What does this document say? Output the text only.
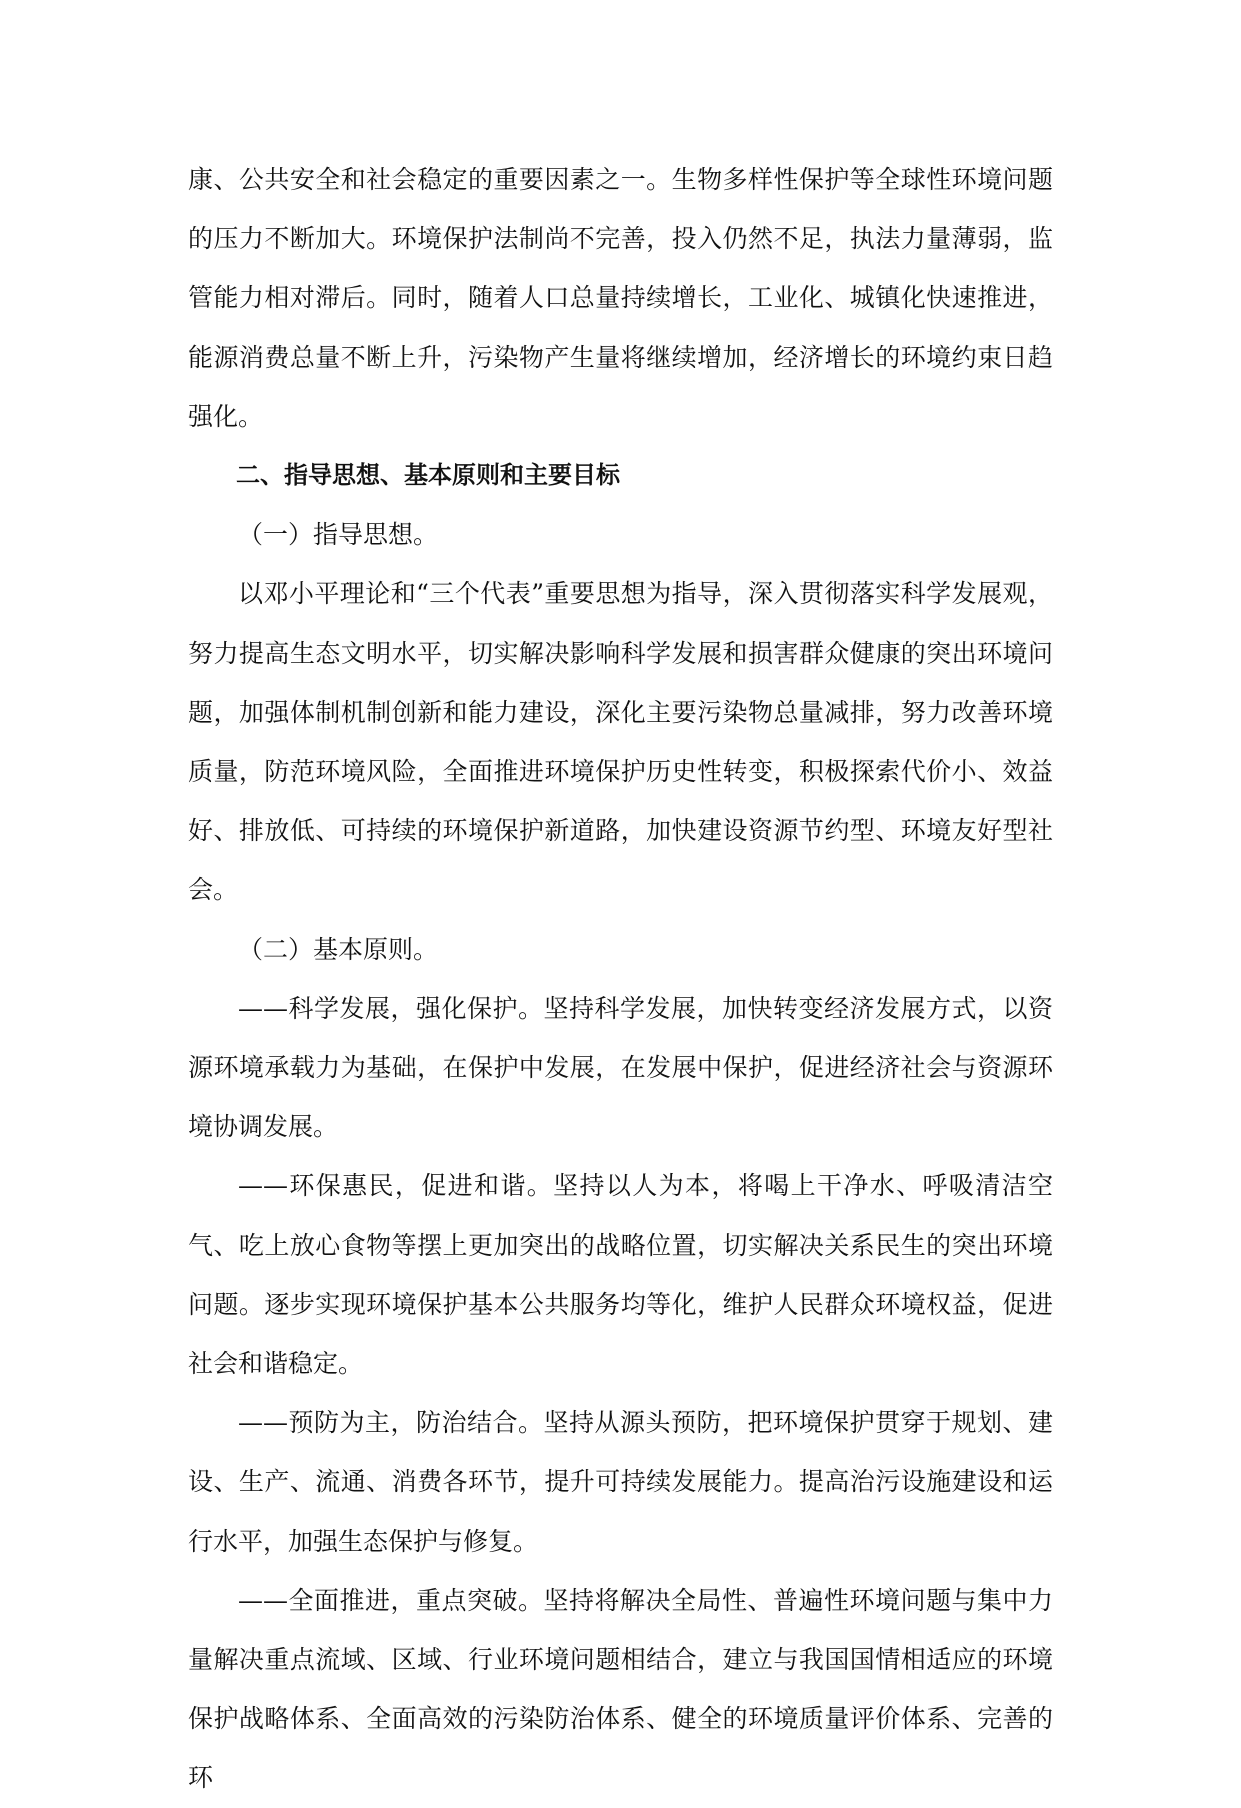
康、公共安全和社会稳定的重要因素之一。生物多样性保护等全球性环境问题的压力不断加大。环境保护法制尚不完善，投入仍然不足，执法力量薄弱，监管能力相对滞后。同时，随着人口总量持续增长，工业化、城镇化快速推进，能源消费总量不断上升，污染物产生量将继续增加，经济增长的环境约束日趋强化。

二、指导思想、基本原则和主要目标

（一）指导思想。

以邓小平理论和“三个代表”重要思想为指导，深入贯彻落实科学发展观，努力提高生态文明水平，切实解决影响科学发展和损害群众健康的突出环境问题，加强体制机制创新和能力建设，深化主要污染物总量减排，努力改善环境质量，防范环境风险，全面推进环境保护历史性转变，积极探索代价小、效益好、排放低、可持续的环境保护新道路，加快建设资源节约型、环境友好型社会。

（二）基本原则。

——科学发展，强化保护。坚持科学发展，加快转变经济发展方式，以资源环境承载力为基础，在保护中发展，在发展中保护，促进经济社会与资源环境协调发展。

——环保惠民，促进和谐。坚持以人为本，将喝上干净水、呼吸清洁空气、吃上放心食物等摆上更加突出的战略位置，切实解决关系民生的突出环境问题。逐步实现环境保护基本公共服务均等化，维护人民群众环境权益，促进社会和谐稳定。

——预防为主，防治结合。坚持从源头预防，把环境保护贯穿于规划、建设、生产、流通、消费各环节，提升可持续发展能力。提高治污设施建设和运行水平，加强生态保护与修复。

——全面推进，重点突破。坚持将解决全局性、普遍性环境问题与集中力量解决重点流域、区域、行业环境问题相结合，建立与我国国情相适应的环境保护战略体系、全面高效的污染防治体系、健全的环境质量评价体系、完善的环
